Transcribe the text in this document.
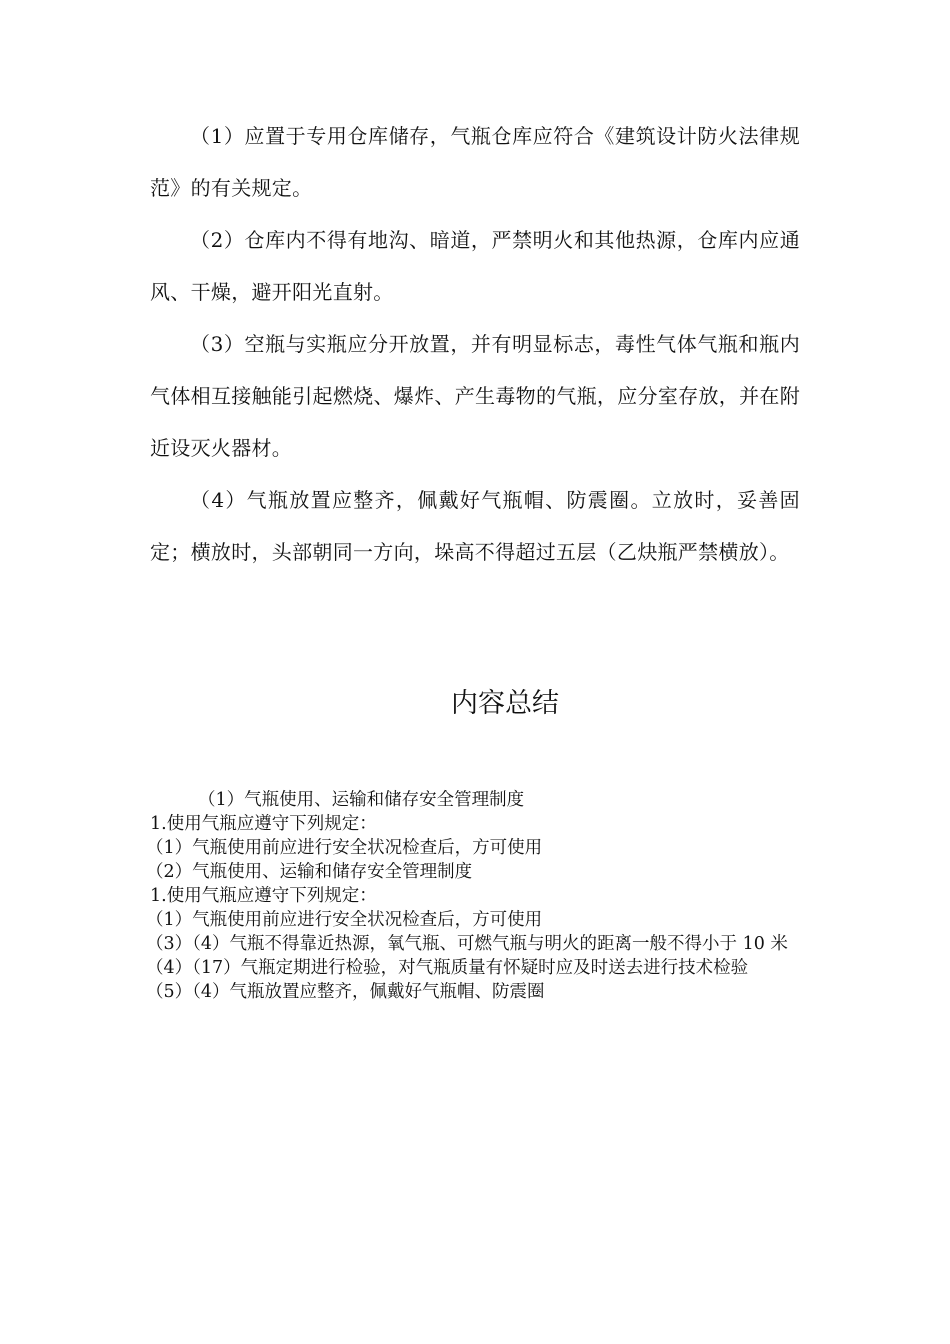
（1）应置于专用仓库储存，气瓶仓库应符合《建筑设计防火法律规范》的有关规定。

（2）仓库内不得有地沟、暗道，严禁明火和其他热源，仓库内应通风、干燥，避开阳光直射。

（3）空瓶与实瓶应分开放置，并有明显标志，毒性气体气瓶和瓶内气体相互接触能引起燃烧、爆炸、产生毒物的气瓶，应分室存放，并在附近设灭火器材。

（4）气瓶放置应整齐，佩戴好气瓶帽、防震圈。立放时，妥善固定；横放时，头部朝同一方向，垛高不得超过五层（乙炔瓶严禁横放）。

内容总结

（1）气瓶使用、运输和储存安全管理制度

1.使用气瓶应遵守下列规定：

（1）气瓶使用前应进行安全状况检查后，方可使用

（2）气瓶使用、运输和储存安全管理制度

1.使用气瓶应遵守下列规定：

（1）气瓶使用前应进行安全状况检查后，方可使用

（3）（4）气瓶不得靠近热源，氧气瓶、可燃气瓶与明火的距离一般不得小于 10 米

（4）（17）气瓶定期进行检验，对气瓶质量有怀疑时应及时送去进行技术检验

（5）（4）气瓶放置应整齐，佩戴好气瓶帽、防震圈
